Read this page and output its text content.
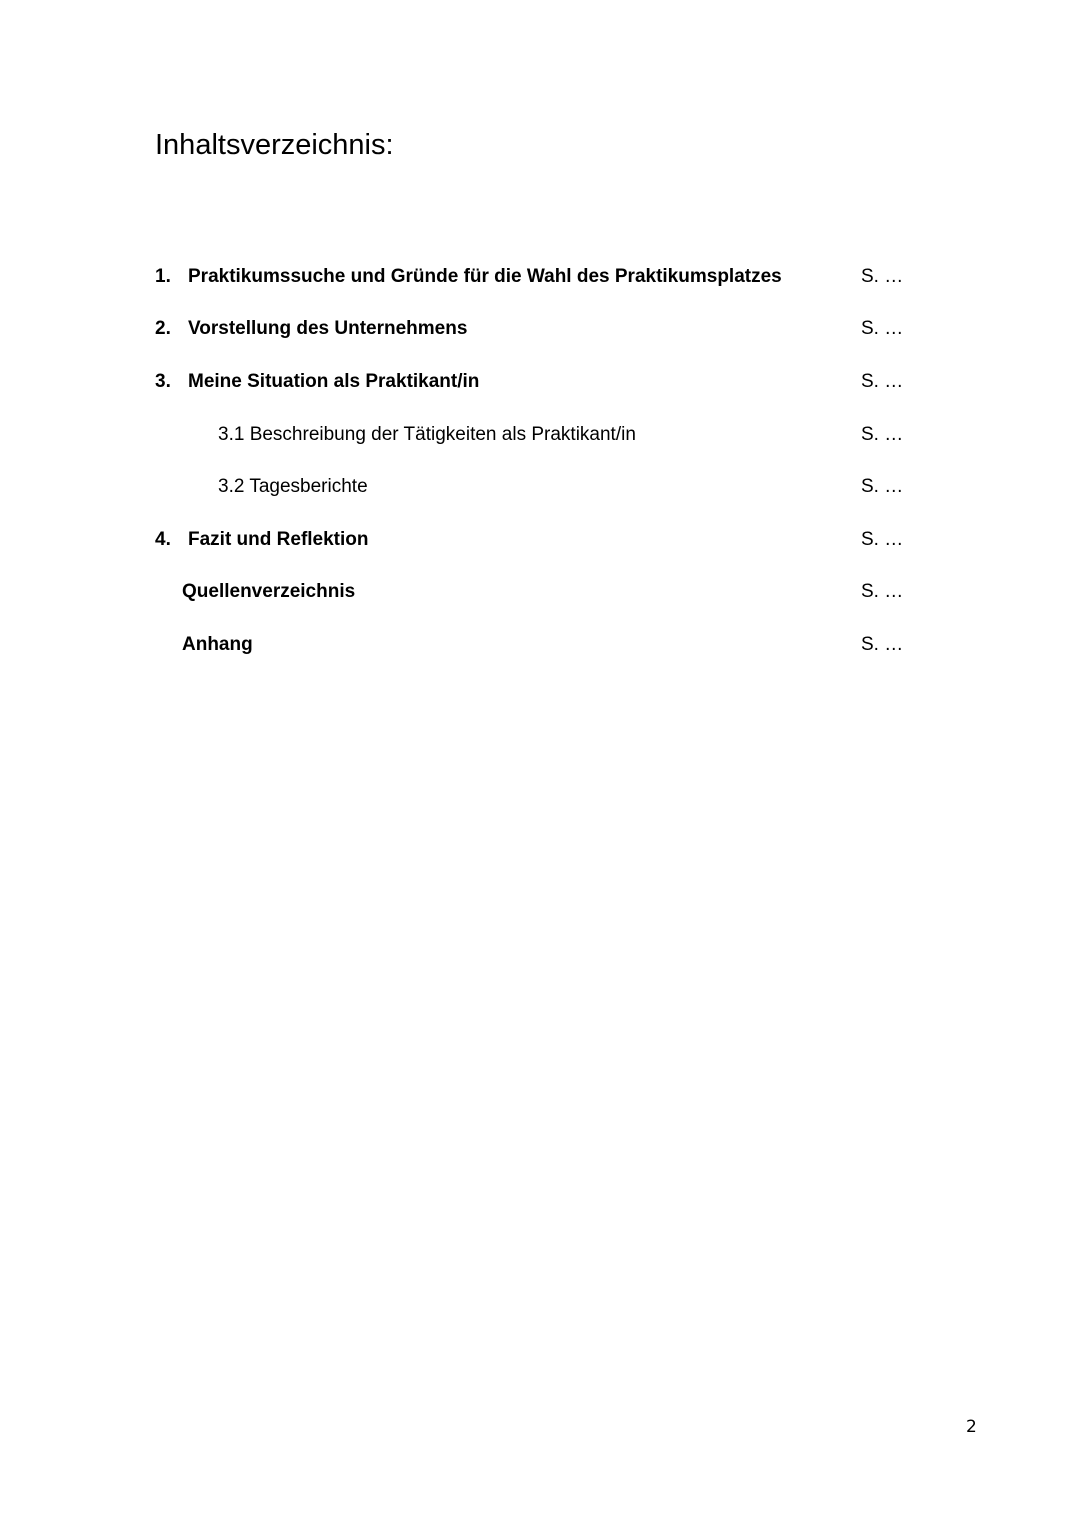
Inhaltsverzeichnis:
1. Praktikumssuche und Gründe für die Wahl des Praktikumsplatzes	S. …
2. Vorstellung des Unternehmens	S. …
3. Meine Situation als Praktikant/in	S. …
3.1 Beschreibung der Tätigkeiten als Praktikant/in	S. …
3.2 Tagesberichte	S. …
4. Fazit und Reflektion	S. …
Quellenverzeichnis	S. …
Anhang	S. …
2
